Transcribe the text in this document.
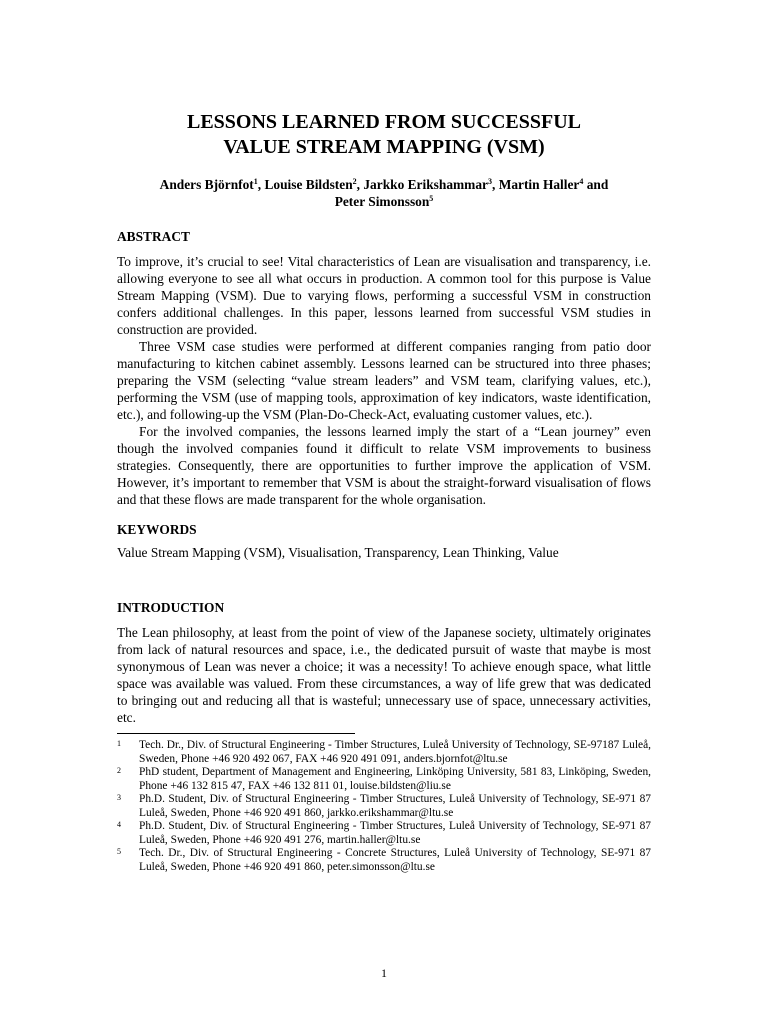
LESSONS LEARNED FROM SUCCESSFUL
VALUE STREAM MAPPING (VSM)
Anders Björnfot$^1$, Louise Bildsten$^2$, Jarkko Erikshammar$^3$, Martin Haller$^4$ and
Peter Simonsson$^5$
ABSTRACT

To improve, it’s crucial to see! Vital characteristics of Lean are visualisation and transparency, i.e. allowing everyone to see all what occurs in production. A common tool for this purpose is Value Stream Mapping (VSM). Due to varying flows, performing a successful VSM in construction confers additional challenges. In this paper, lessons learned from successful VSM studies in construction are provided.

Three VSM case studies were performed at different companies ranging from patio door manufacturing to kitchen cabinet assembly. Lessons learned can be structured into three phases; preparing the VSM (selecting “value stream leaders” and VSM team, clarifying values, etc.), performing the VSM (use of mapping tools, approximation of key indicators, waste identification, etc.), and following-up the VSM (Plan-Do-Check-Act, evaluating customer values, etc.).

For the involved companies, the lessons learned imply the start of a “Lean journey” even though the involved companies found it difficult to relate VSM improvements to business strategies. Consequently, there are opportunities to further improve the application of VSM. However, it’s important to remember that VSM is about the straight-forward visualisation of flows and that these flows are made transparent for the whole organisation.

KEYWORDS

Value Stream Mapping (VSM), Visualisation, Transparency, Lean Thinking, Value

INTRODUCTION

The Lean philosophy, at least from the point of view of the Japanese society, ultimately originates from lack of natural resources and space, i.e., the dedicated pursuit of waste that maybe is most synonymous of Lean was never a choice; it was a necessity! To achieve enough space, what little space was available was valued. From these circumstances, a way of life grew that was dedicated to bringing out and reducing all that is wasteful; unnecessary use of space, unnecessary activities, etc.

1	Tech. Dr., Div. of Structural Engineering - Timber Structures, Luleå University of Technology, SE-97187 Luleå, Sweden, Phone +46 920 492 067, FAX +46 920 491 091, anders.bjornfot@ltu.se
2	PhD student, Department of Management and Engineering, Linköping University, 581 83, Linköping, Sweden, Phone +46 132 815 47, FAX +46 132 811 01, louise.bildsten@liu.se
3	Ph.D. Student, Div. of Structural Engineering - Timber Structures, Luleå University of Technology, SE-971 87 Luleå, Sweden, Phone +46 920 491 860, jarkko.erikshammar@ltu.se
4	Ph.D. Student, Div. of Structural Engineering - Timber Structures, Luleå University of Technology, SE-971 87 Luleå, Sweden, Phone +46 920 491 276, martin.haller@ltu.se
5	Tech. Dr., Div. of Structural Engineering - Concrete Structures, Luleå University of Technology, SE-971 87 Luleå, Sweden, Phone +46 920 491 860, peter.simonsson@ltu.se
1
